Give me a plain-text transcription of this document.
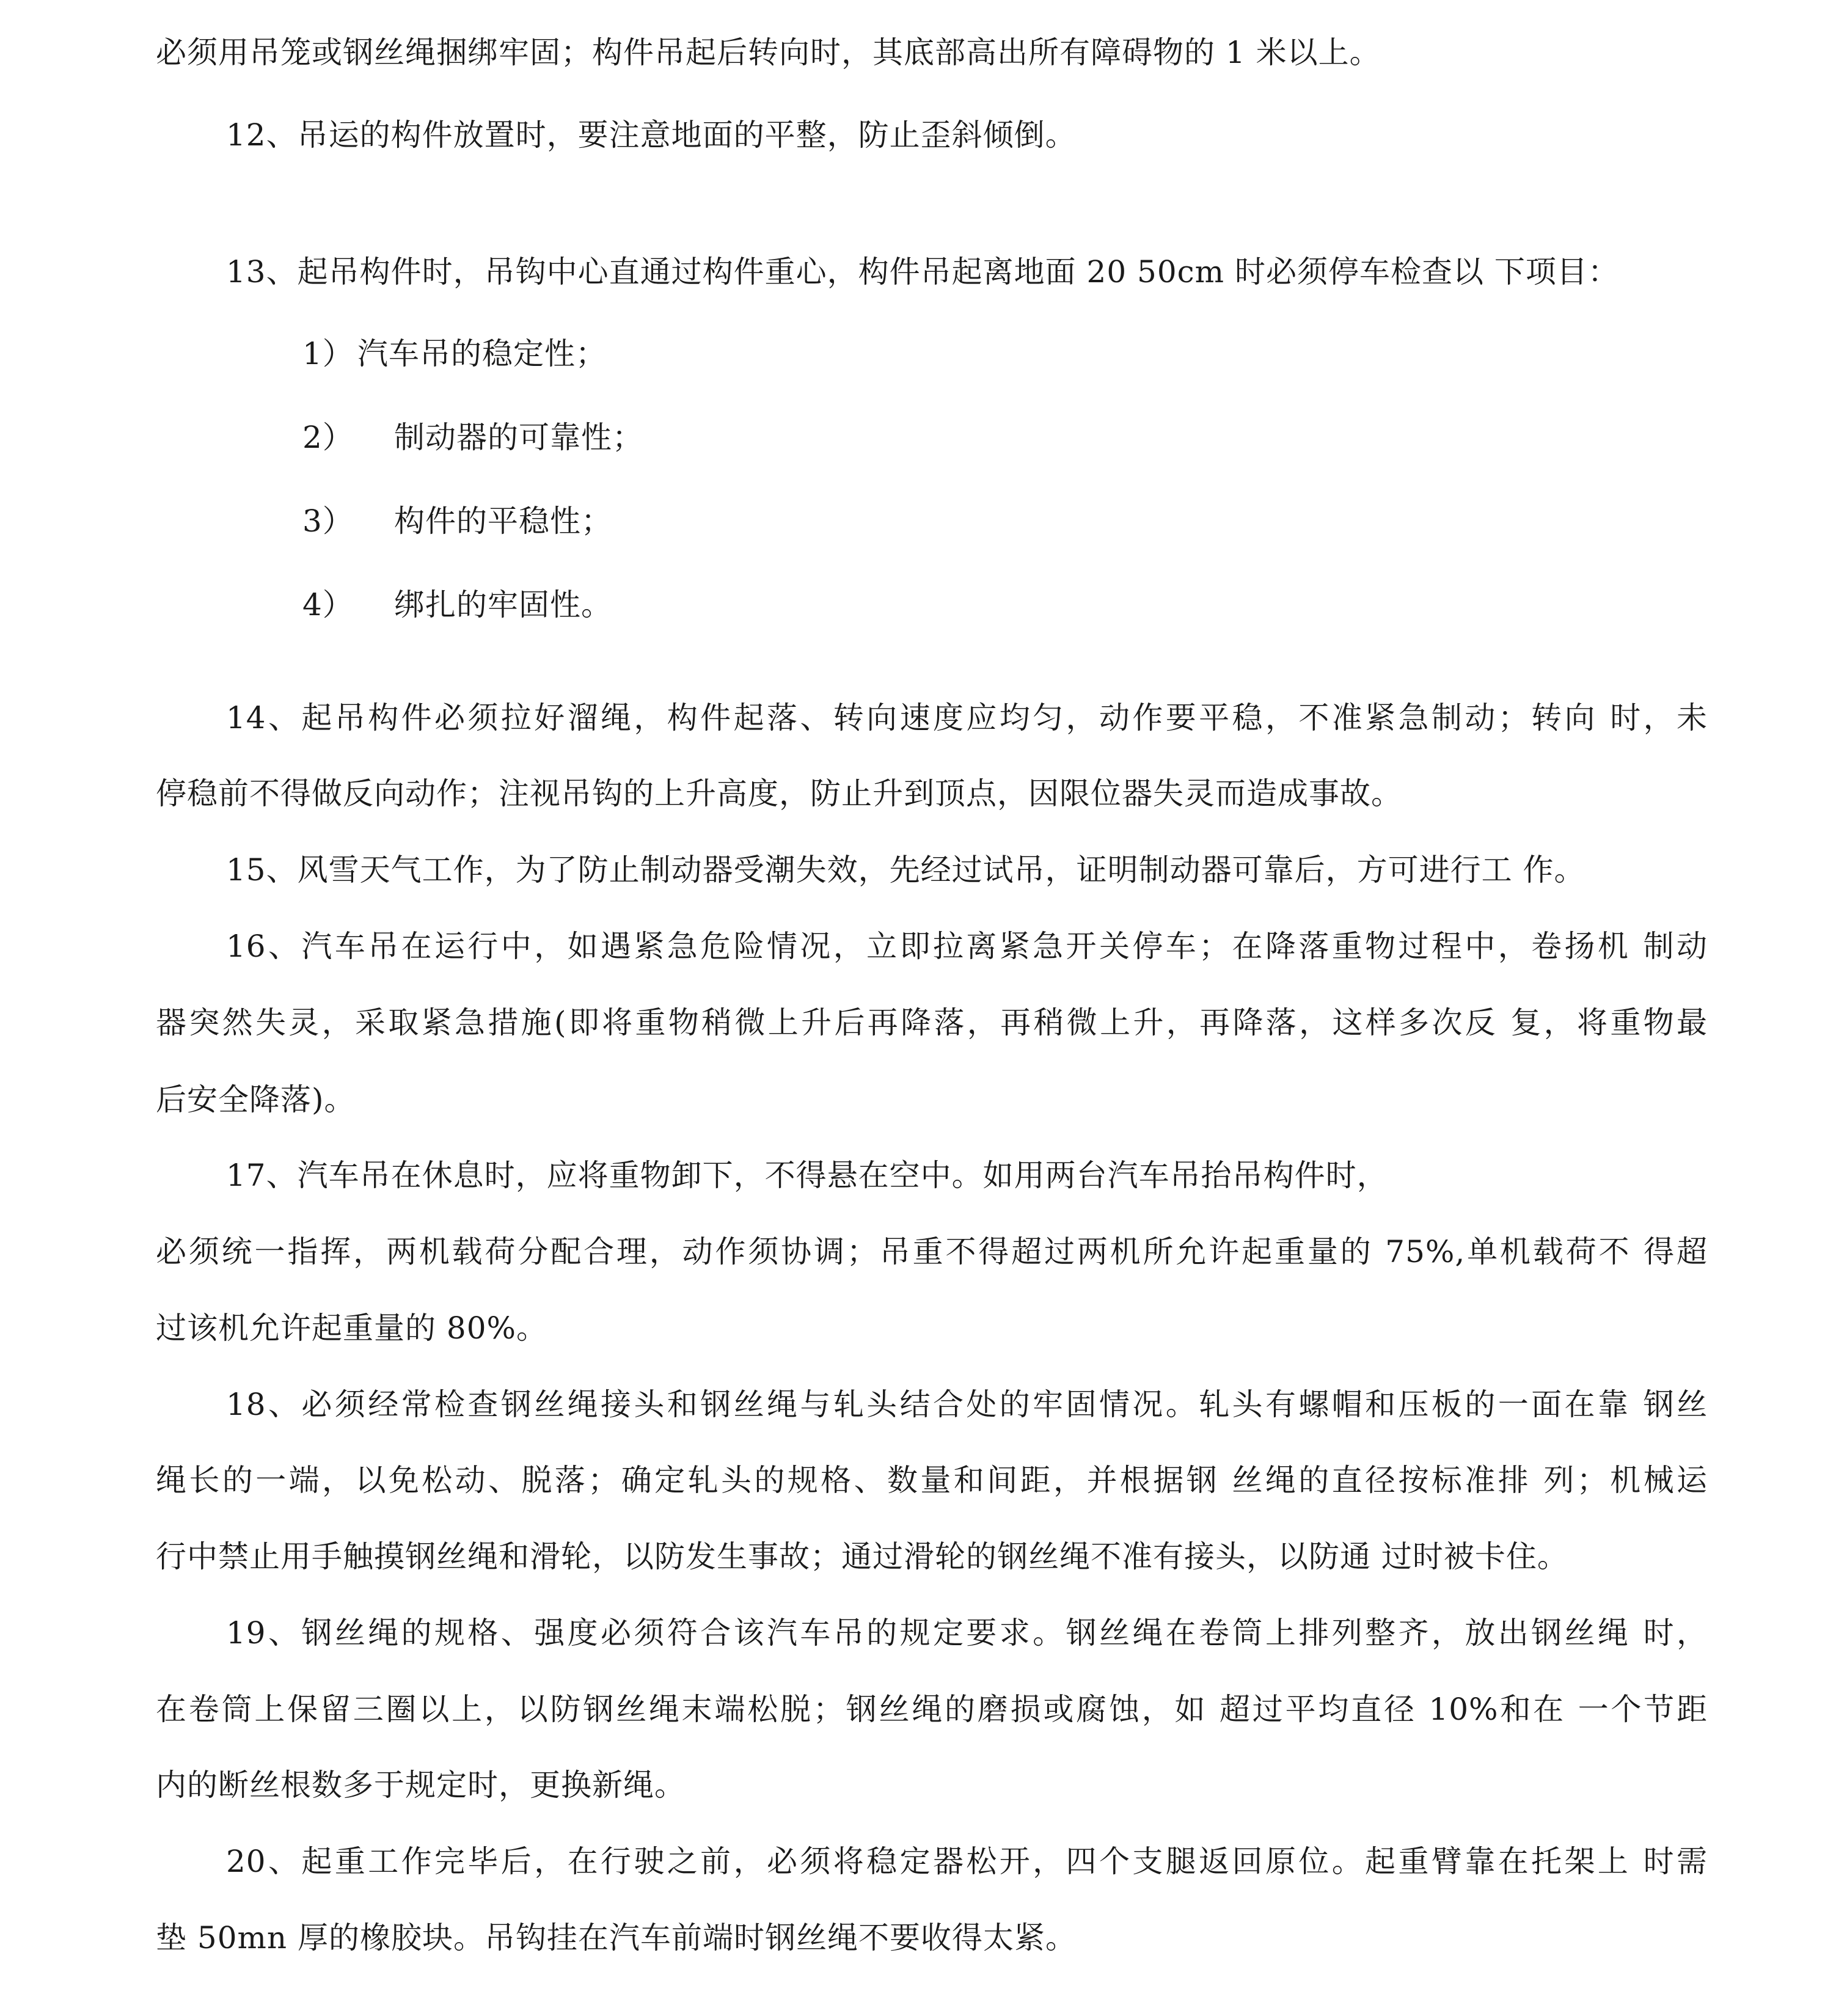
必须用吊笼或钢丝绳捆绑牢固；构件吊起后转向时，其底部高出所有障碍物的 1 米以上。
12、吊运的构件放置时，要注意地面的平整，防止歪斜倾倒。
13、起吊构件时，吊钩中心直通过构件重心，构件吊起离地面 20 50cm 时必须停车检查以 下项目：
1） 汽车吊的稳定性；
2） 制动器的可靠性；
3） 构件的平稳性；
4） 绑扎的牢固性。
14、起吊构件必须拉好溜绳，构件起落、转向速度应均匀，动作要平稳，不准紧急制动；转向 时，未
停稳前不得做反向动作；注视吊钩的上升高度，防止升到顶点，因限位器失灵而造成事故。
15、风雪天气工作，为了防止制动器受潮失效，先经过试吊，证明制动器可靠后，方可进行工 作。
16、汽车吊在运行中，如遇紧急危险情况，立即拉离紧急开关停车；在降落重物过程中，卷扬机 制动
器突然失灵，采取紧急措施(即将重物稍微上升后再降落，再稍微上升，再降落，这样多次反 复，将重物最
后安全降落)。
17、汽车吊在休息时，应将重物卸下，不得悬在空中。如用两台汽车吊抬吊构件时，
必须统一指挥，两机载荷分配合理，动作须协调；吊重不得超过两机所允许起重量的 75%,单机载荷不 得超
过该机允许起重量的 80%。
18、必须经常检查钢丝绳接头和钢丝绳与轧头结合处的牢固情况。轧头有螺帽和压板的一面在靠 钢丝
绳长的一端，以免松动、脱落；确定轧头的规格、数量和间距，并根据钢 丝绳的直径按标准排 列；机械运
行中禁止用手触摸钢丝绳和滑轮，以防发生事故；通过滑轮的钢丝绳不准有接头，以防通 过时被卡住。
19、钢丝绳的规格、强度必须符合该汽车吊的规定要求。钢丝绳在卷筒上排列整齐，放出钢丝绳 时，
在卷筒上保留三圈以上，以防钢丝绳末端松脱；钢丝绳的磨损或腐蚀，如 超过平均直径 10%和在 一个节距
内的断丝根数多于规定时，更换新绳。
20、起重工作完毕后，在行驶之前，必须将稳定器松开，四个支腿返回原位。起重臂靠在托架上 时需
垫 50mn 厚的橡胶块。吊钩挂在汽车前端时钢丝绳不要收得太紧。
